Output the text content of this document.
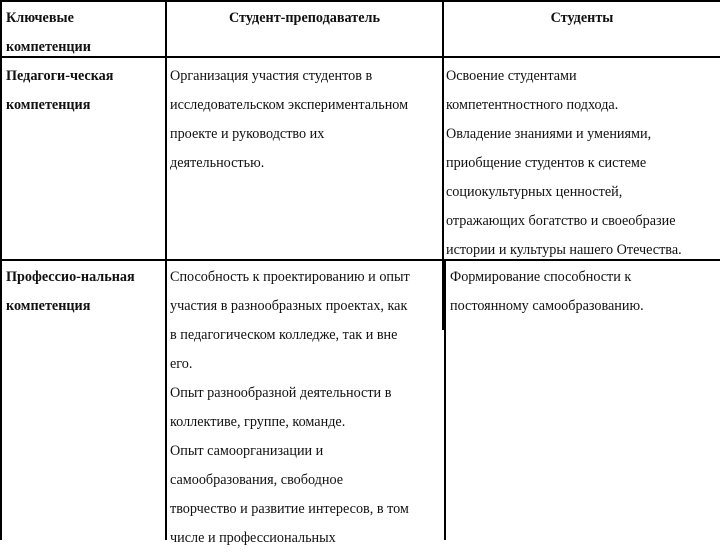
Ключевые
компетенции
Студент-преподаватель	Студенты
Педагоги-ческая
компетенция
Организация участия студентов в
исследовательском экспериментальном
проекте и руководство их
деятельностью.
Освоение студентами
компетентностного подхода.
Овладение знаниями и умениями,
приобщение студентов к системе
социокультурных ценностей,
отражающих богатство и своеобразие
истории и культуры нашего Отечества.
Профессио-нальная
компетенция
Способность к проектированию и опыт
участия в разнообразных проектах, как
в педагогическом колледже, так и вне
его.
Опыт разнообразной деятельности в
коллективе, группе, команде.
Опыт самоорганизации и
самообразования, свободное
творчество и развитие интересов, в том
числе и профессиональных
Формирование способности к
постоянному самообразованию.
